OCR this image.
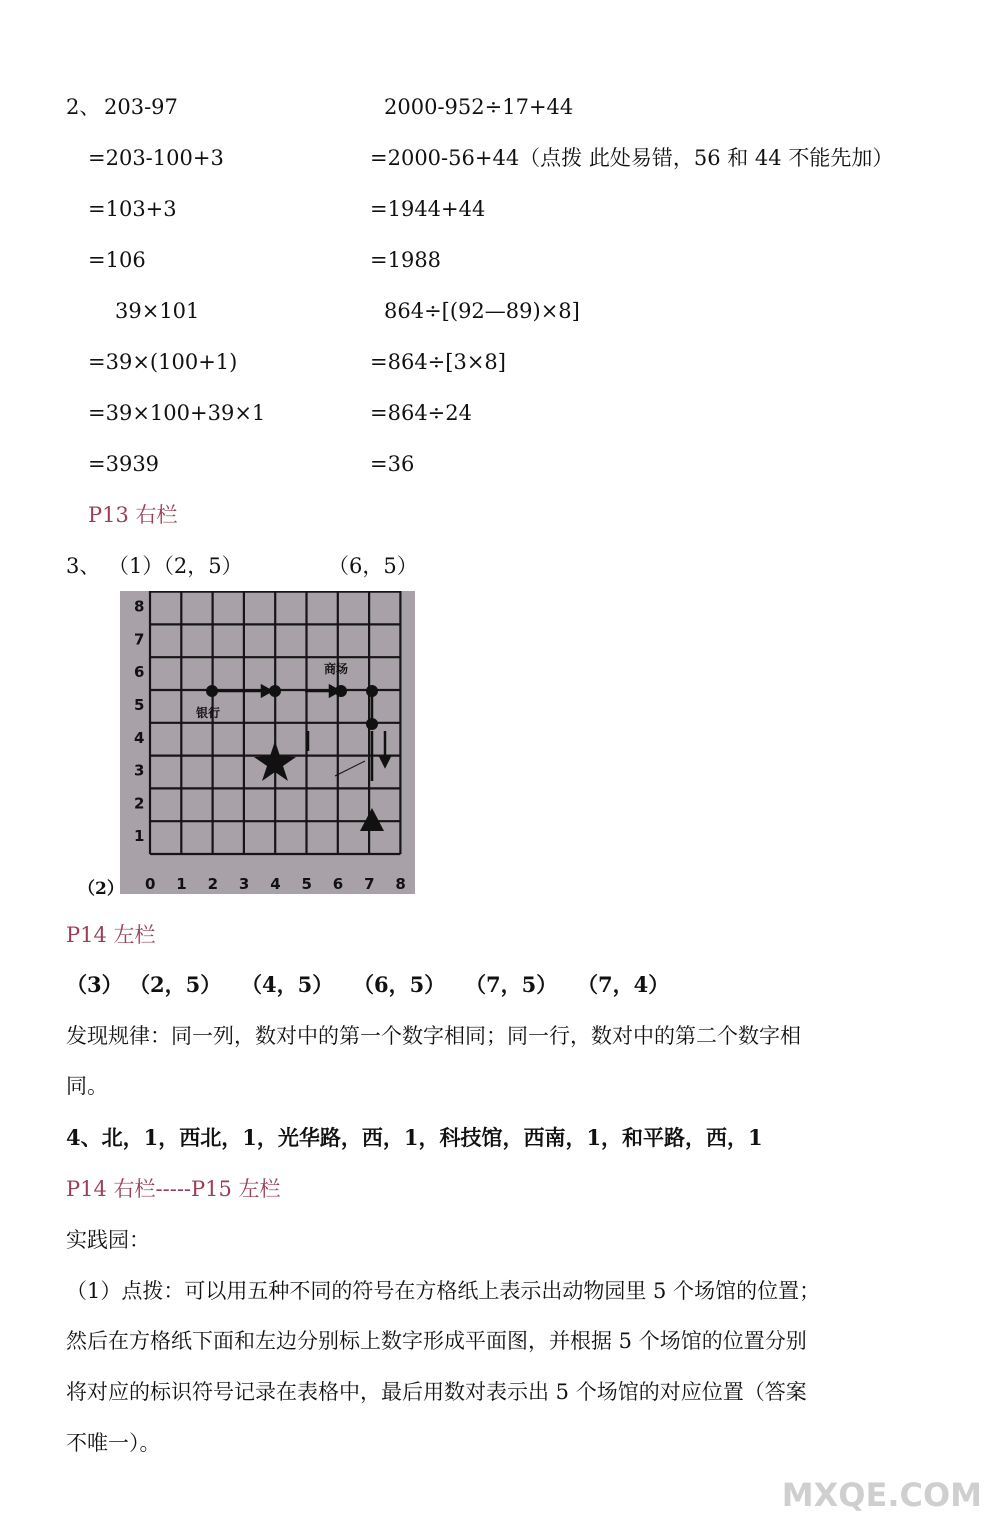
2、 203-97
=203-100+3
=103+3
=106
39×101
=39×(100+1)
=39×100+39×1
=3939
2000-952÷17+44
=2000-56+44（点拨 此处易错，56 和 44 不能先加）
=1944+44
=1988
864÷[(92—89)×8]
=864÷[3×8]
=864÷24
=36
P13 右栏
3、 （1）（2，5）	（6，5）
0 1 2 3 4 5 6 7 8
1
2
3
4
5
6
7
8
银行
商场
（2）
P14 左栏
（3） （2，5） （4，5） （6，5） （7，5） （7，4）
发现规律：同一列，数对中的第一个数字相同；同一行，数对中的第二个数字相
同。
4、北，1，西北，1，光华路，西，1，科技馆，西南，1，和平路，西，1
P14 右栏-----P15 左栏
实践园：
（1）点拨：可以用五种不同的符号在方格纸上表示出动物园里 5 个场馆的位置；
然后在方格纸下面和左边分别标上数字形成平面图，并根据 5 个场馆的位置分别
将对应的标识符号记录在表格中，最后用数对表示出 5 个场馆的对应位置（答案
不唯一）。
MXQE.COM
